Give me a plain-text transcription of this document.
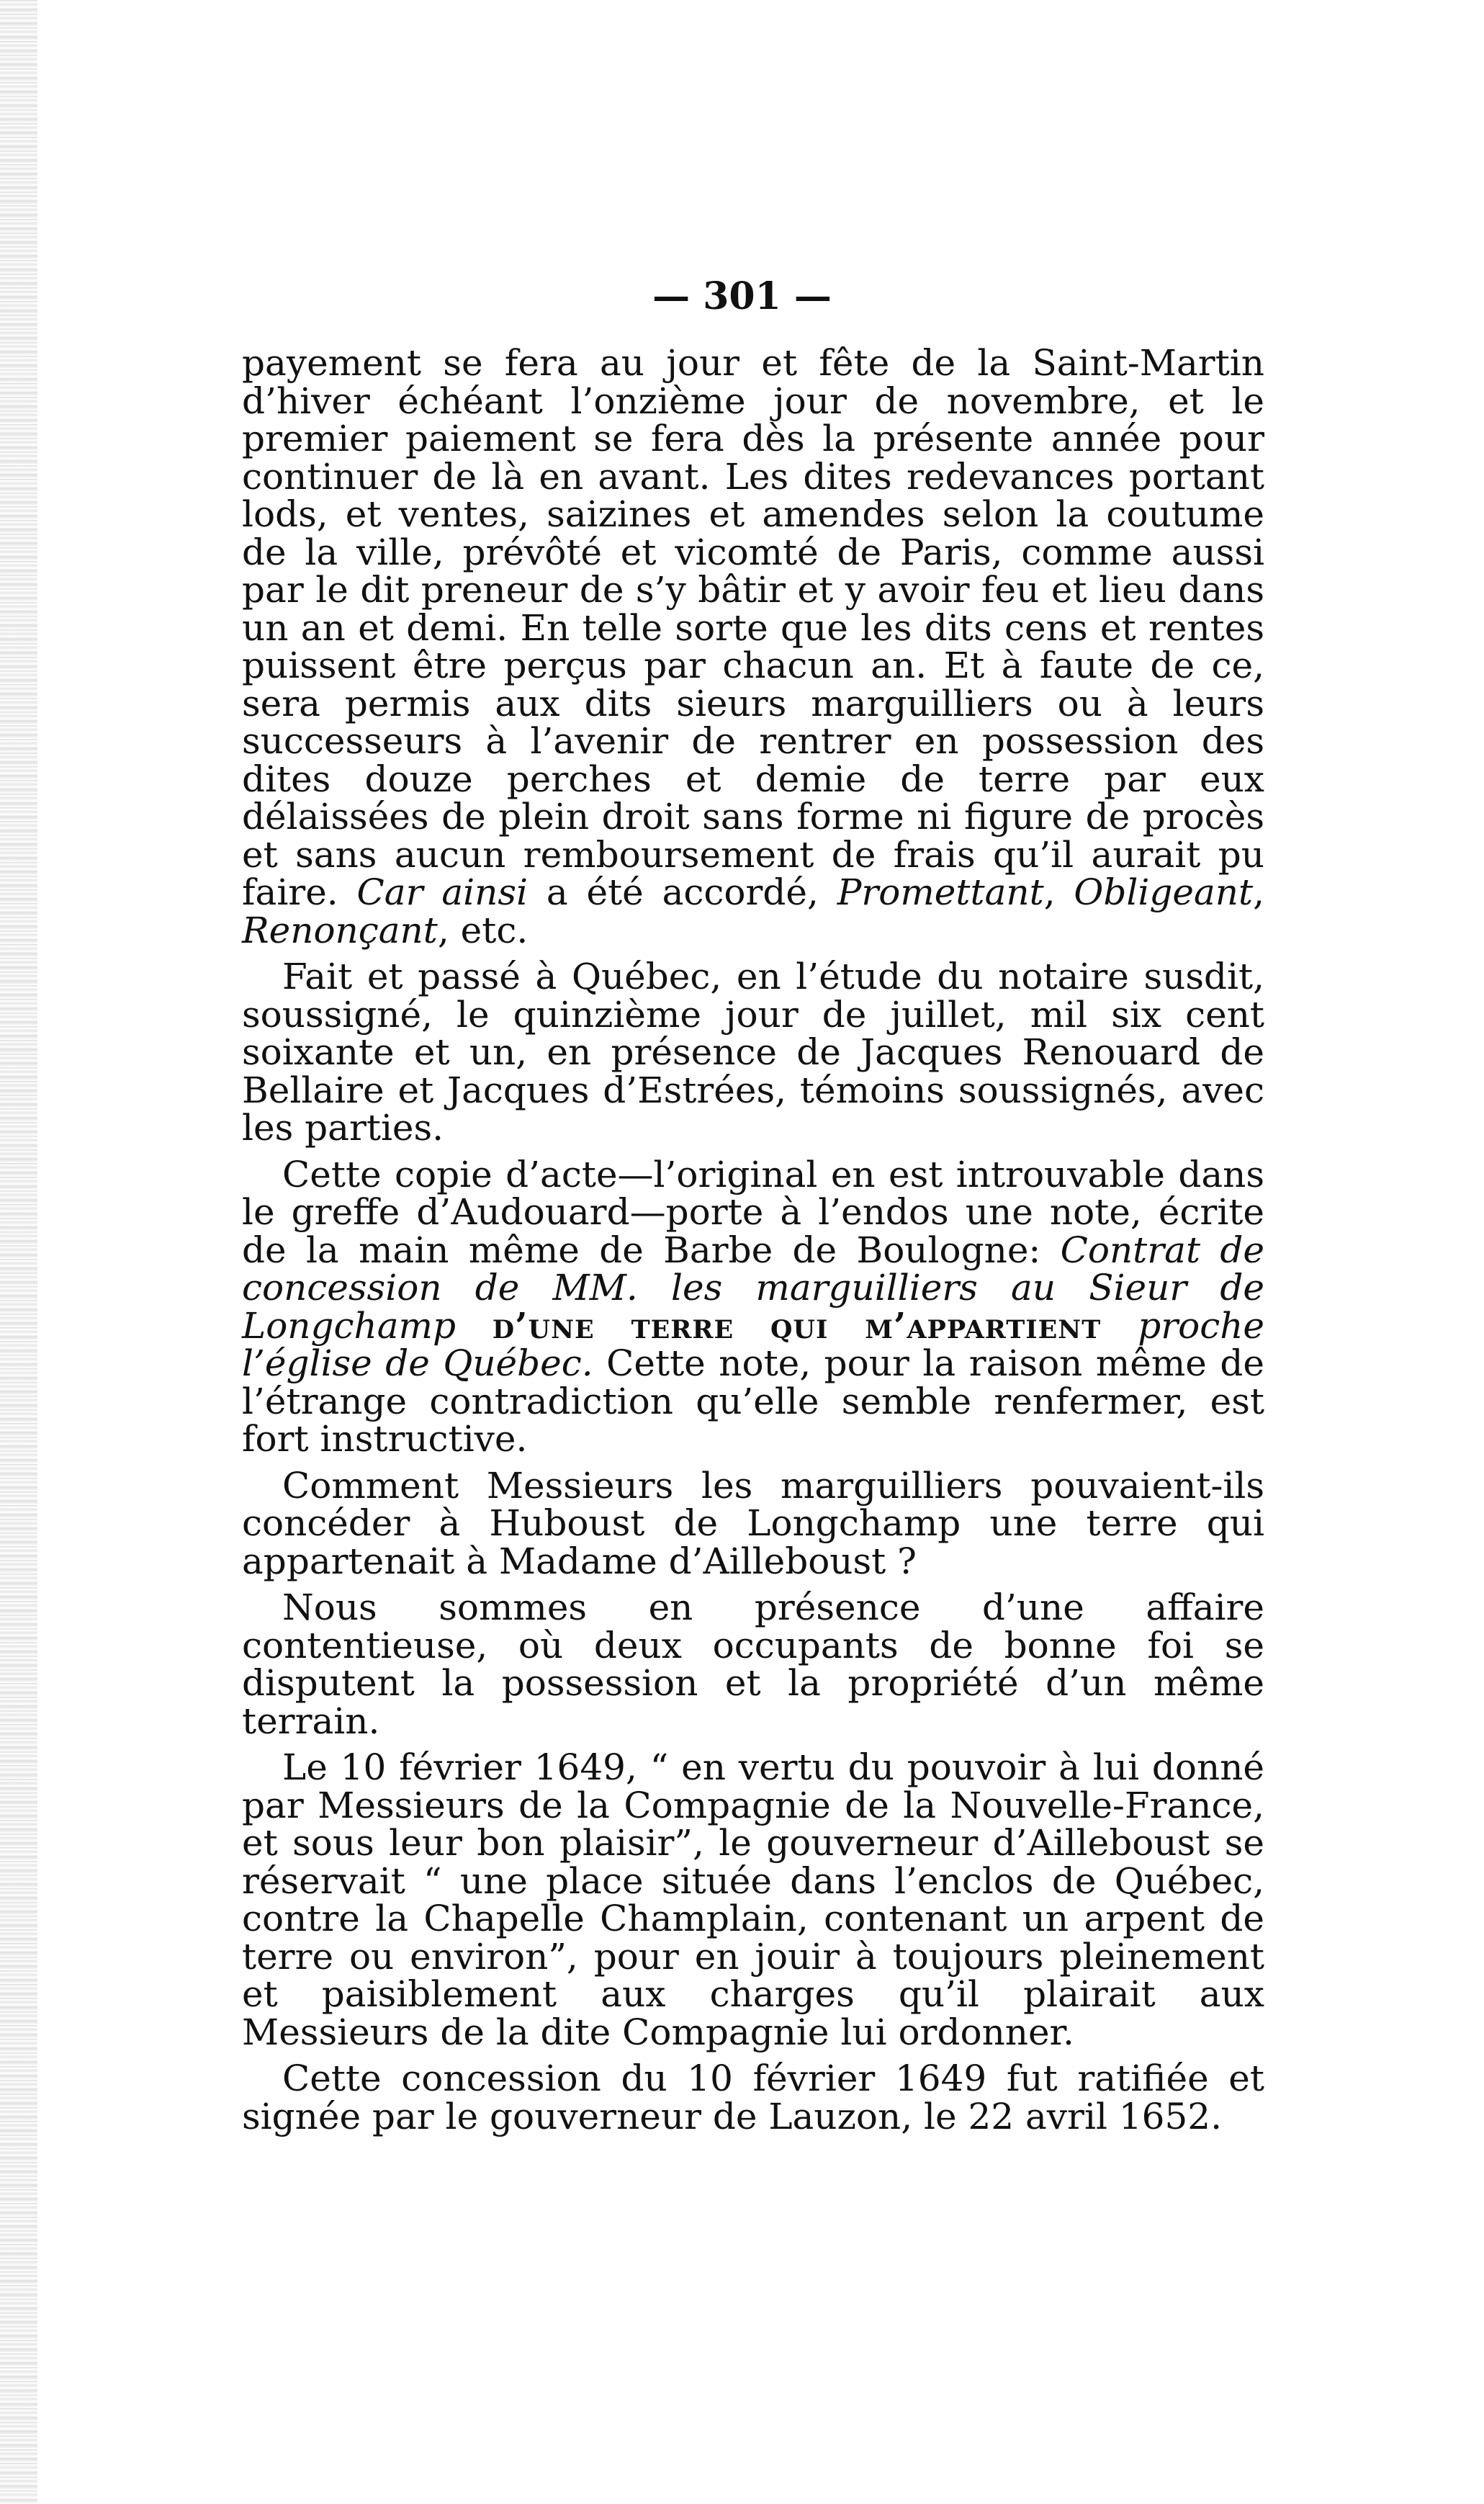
— 301 —

payement se fera au jour et fête de la Saint-Martin d’hiver échéant l’onzième jour de novembre, et le premier paiement se fera dès la présente année pour continuer de là en avant. Les dites redevances portant lods, et ventes, saizines et amendes selon la coutume de la ville, prévôté et vicomté de Paris, comme aussi par le dit preneur de s’y bâtir et y avoir feu et lieu dans un an et demi. En telle sorte que les dits cens et rentes puissent être perçus par chacun an. Et à faute de ce, sera permis aux dits sieurs marguilliers ou à leurs successeurs à l’avenir de rentrer en possession des dites douze perches et demie de terre par eux délaissées de plein droit sans forme ni figure de procès et sans aucun remboursement de frais qu’il aurait pu faire. Car ainsi a été accordé, Promettant, Obligeant, Renonçant, etc.

Fait et passé à Québec, en l’étude du notaire susdit, soussigné, le quinzième jour de juillet, mil six cent soixante et un, en présence de Jacques Renouard de Bellaire et Jacques d’Estrées, témoins soussignés, avec les parties.

Cette copie d’acte—l’original en est introuvable dans le greffe d’Audouard—porte à l’endos une note, écrite de la main même de Barbe de Boulogne: Contrat de concession de MM. les marguilliers au Sieur de Longchamp d’une terre qui m’appartient proche l’église de Québec. Cette note, pour la raison même de l’étrange contradiction qu’elle semble renfermer, est fort instructive.

Comment Messieurs les marguilliers pouvaient-ils concéder à Huboust de Longchamp une terre qui appartenait à Madame d’Ailleboust ?

Nous sommes en présence d’une affaire contentieuse, où deux occupants de bonne foi se disputent la possession et la propriété d’un même terrain.

Le 10 février 1649, “ en vertu du pouvoir à lui donné par Messieurs de la Compagnie de la Nouvelle-France, et sous leur bon plaisir”, le gouverneur d’Ailleboust se réservait “ une place située dans l’enclos de Québec, contre la Chapelle Champlain, contenant un arpent de terre ou environ”, pour en jouir à toujours pleinement et paisiblement aux charges qu’il plairait aux Messieurs de la dite Compagnie lui ordonner.

Cette concession du 10 février 1649 fut ratifiée et signée par le gouverneur de Lauzon, le 22 avril 1652.
